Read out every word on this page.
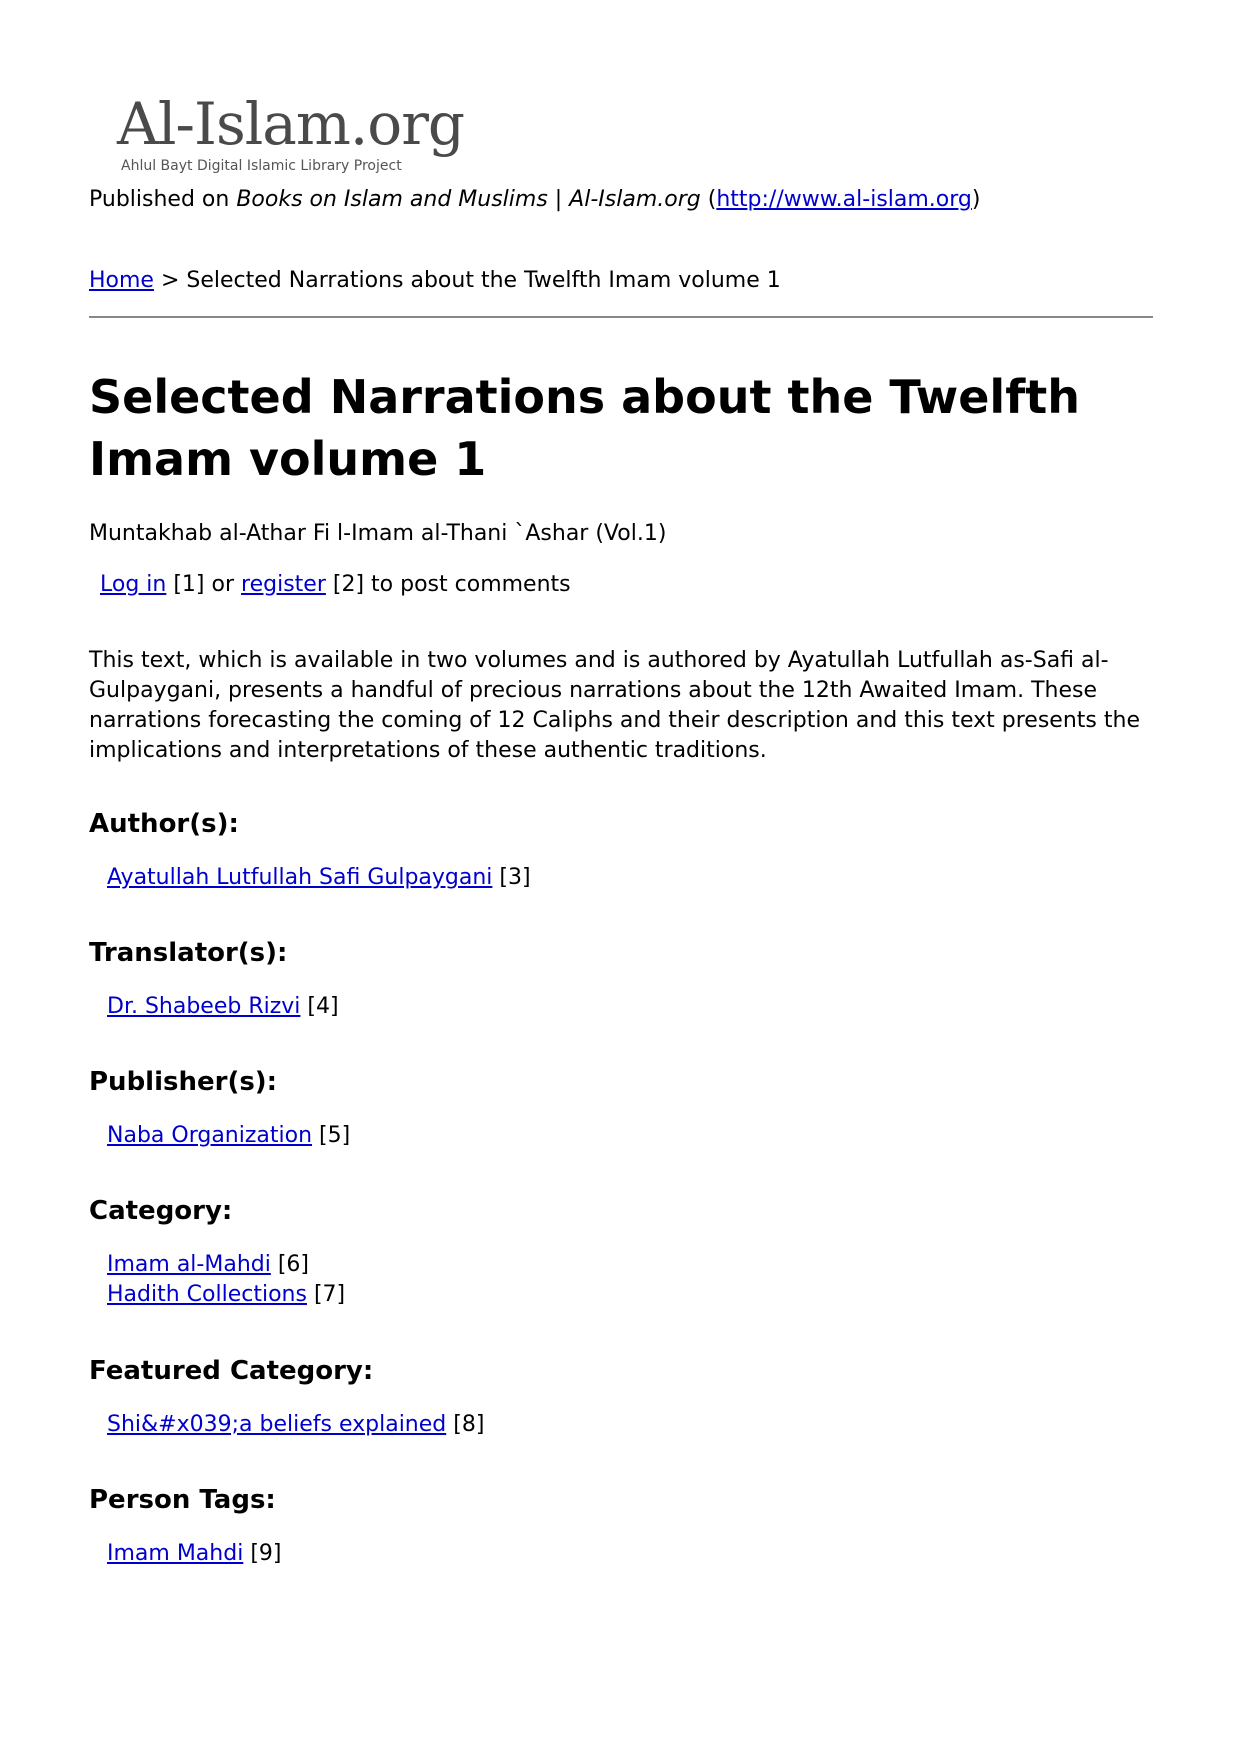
Al-Islam.org
Ahlul Bayt Digital Islamic Library Project
Published on Books on Islam and Muslims | Al-Islam.org (http://www.al-islam.org)
Home > Selected Narrations about the Twelfth Imam volume 1
Selected Narrations about the Twelfth Imam volume 1
Muntakhab al-Athar Fi l-Imam al-Thani `Ashar (Vol.1)
Log in [1] or register [2] to post comments
This text, which is available in two volumes and is authored by Ayatullah Lutfullah as-Safi al-Gulpaygani, presents a handful of precious narrations about the 12th Awaited Imam. These narrations forecasting the coming of 12 Caliphs and their description and this text presents the implications and interpretations of these authentic traditions.
Author(s):
Ayatullah Lutfullah Safi Gulpaygani [3]
Translator(s):
Dr. Shabeeb Rizvi [4]
Publisher(s):
Naba Organization [5]
Category:
Imam al-Mahdi [6]
Hadith Collections [7]
Featured Category:
Shi&#x039;a beliefs explained [8]
Person Tags:
Imam Mahdi [9]
